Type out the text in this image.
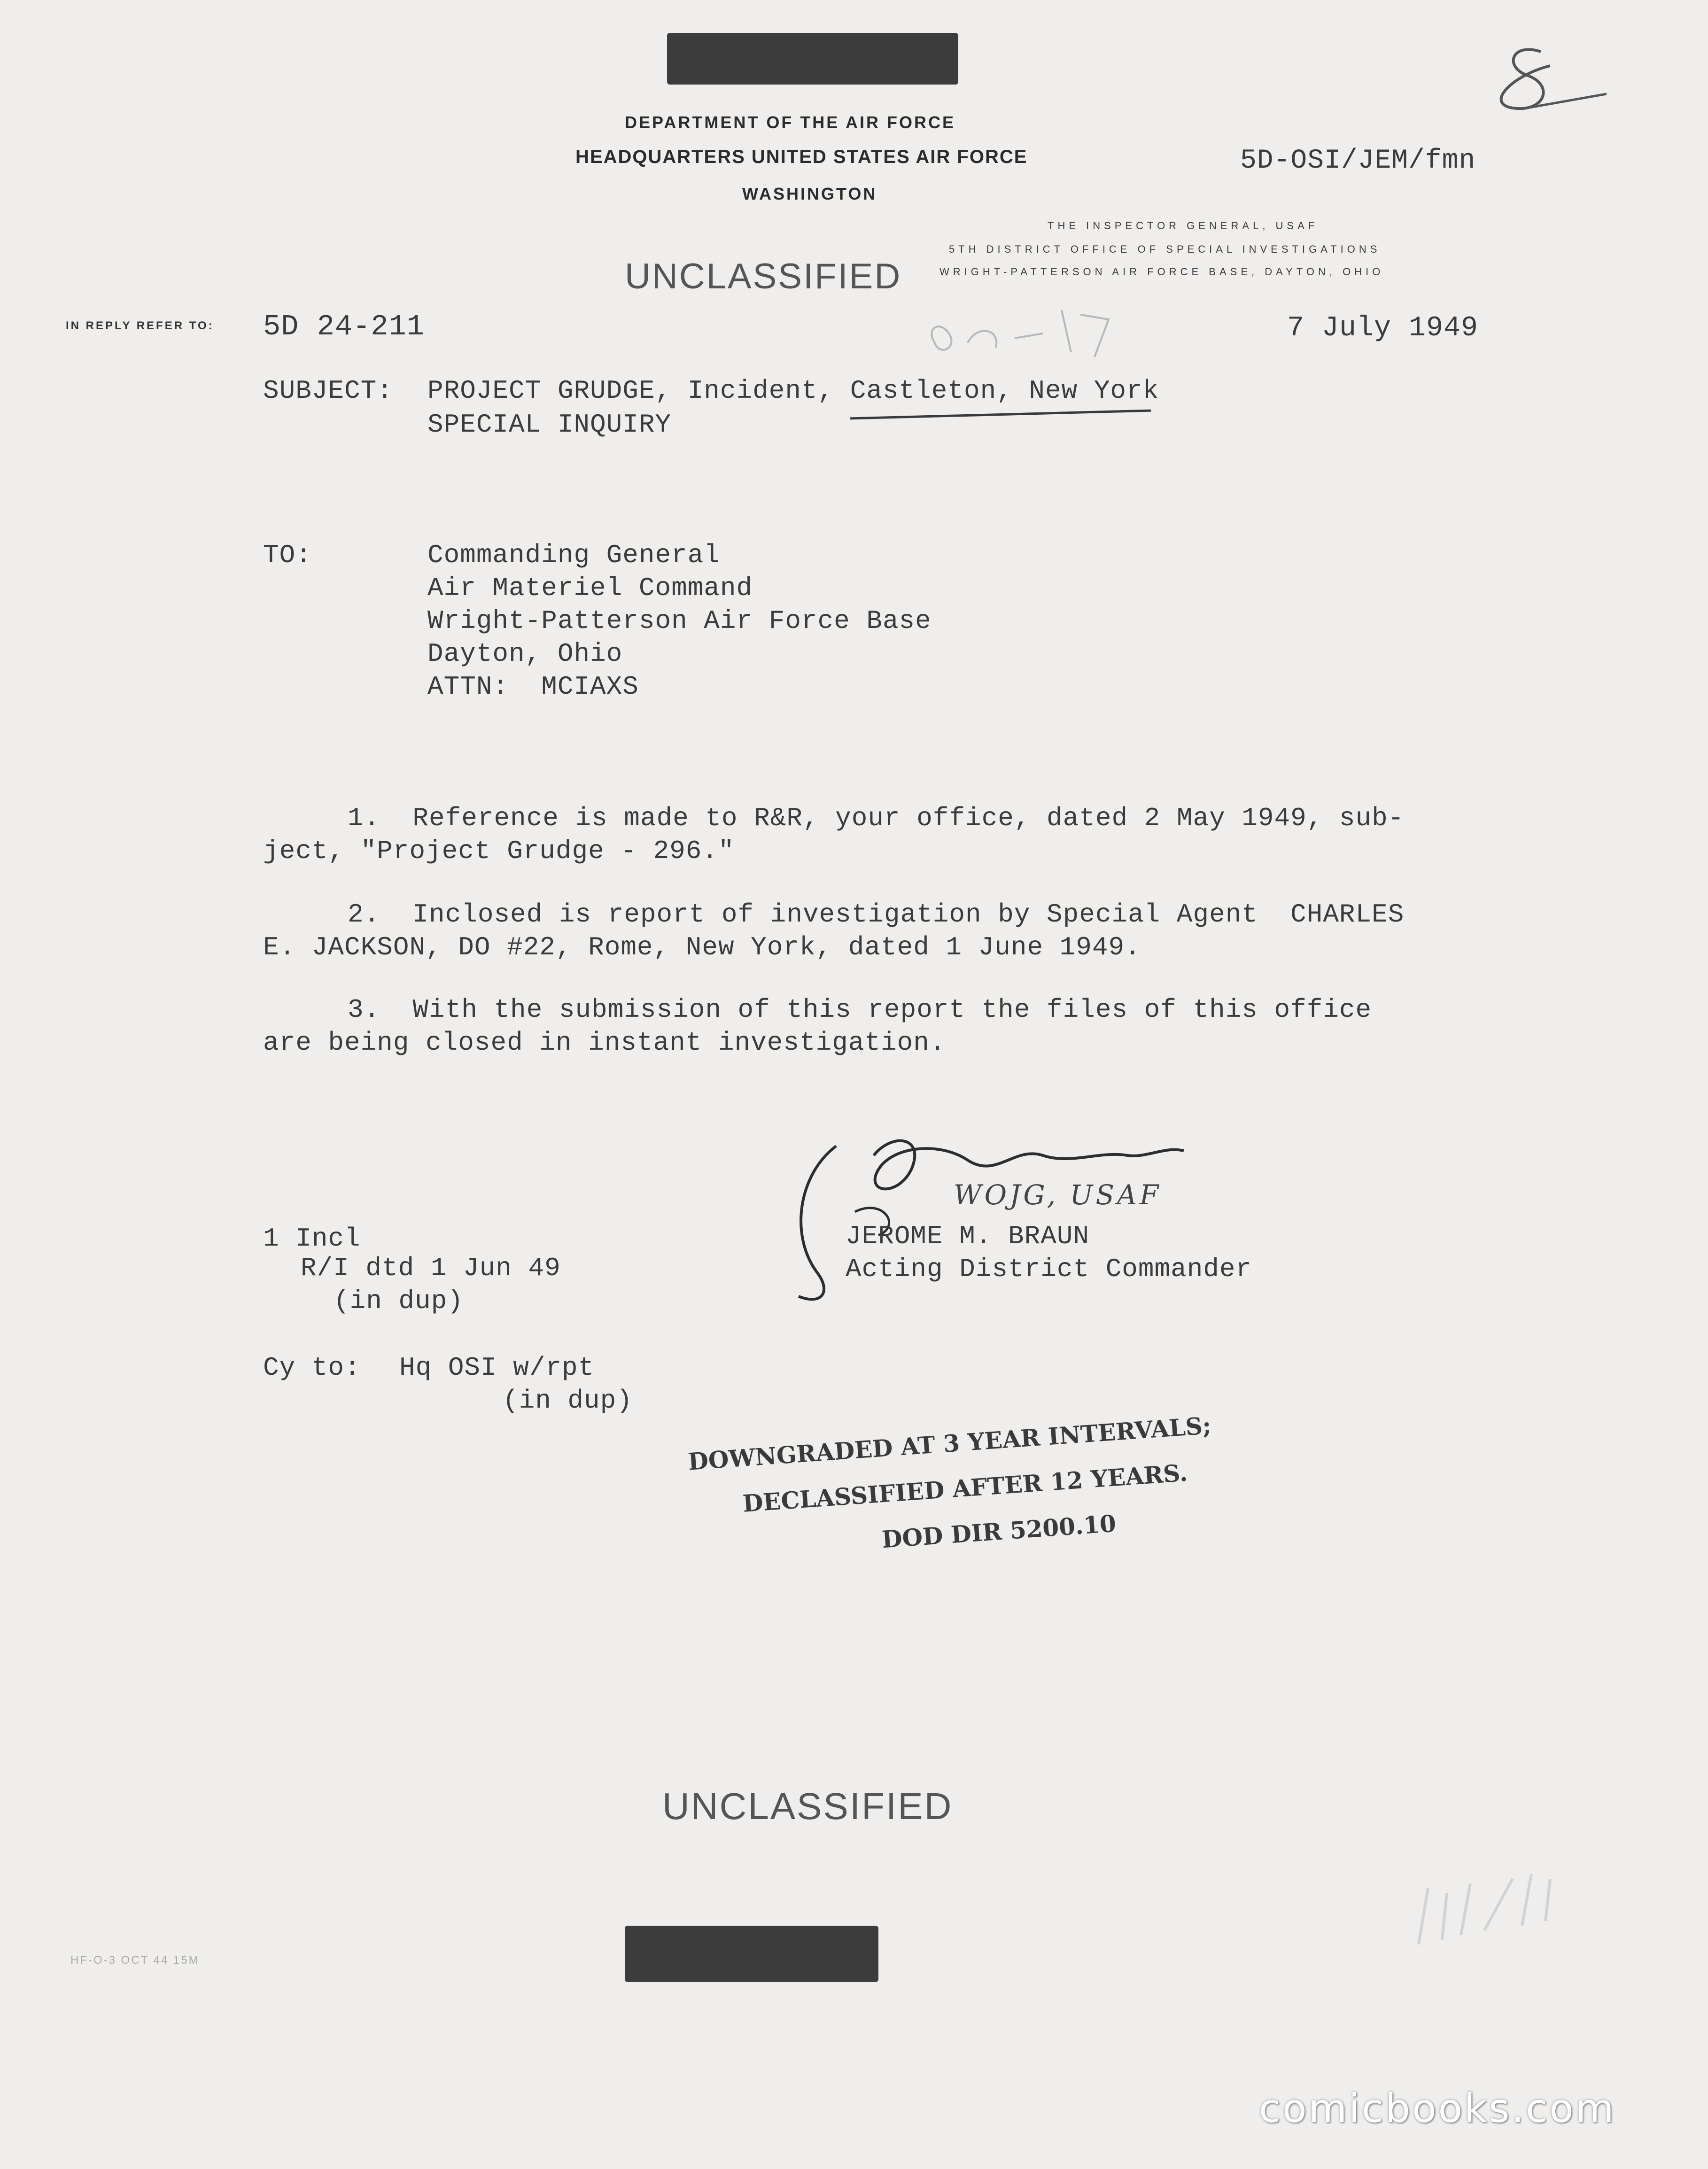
DEPARTMENT OF THE AIR FORCE
HEADQUARTERS UNITED STATES AIR FORCE
WASHINGTON
5D-OSI/JEM/fmn
THE INSPECTOR GENERAL, USAF
5TH DISTRICT OFFICE OF SPECIAL INVESTIGATIONS
WRIGHT-PATTERSON AIR FORCE BASE, DAYTON, OHIO
UNCLASSIFIED
IN REPLY REFER TO: 5D 24-211	7 July 1949
SUBJECT: PROJECT GRUDGE, Incident, Castleton, New York
SPECIAL INQUIRY
TO:	Commanding General
Air Materiel Command
Wright-Patterson Air Force Base
Dayton, Ohio
ATTN:  MCIAXS
1.  Reference is made to R&R, your office, dated 2 May 1949, sub-
ject, "Project Grudge - 296."
2.  Inclosed is report of investigation by Special Agent  CHARLES
E. JACKSON, DO #22, Rome, New York, dated 1 June 1949.
3.  With the submission of this report the files of this office
are being closed in instant investigation.
WOJG, USAF
JEROME M. BRAUN
Acting District Commander
1 Incl
R/I dtd 1 Jun 49
(in dup)
Cy to: Hq OSI w/rpt
(in dup)

DOWNGRADED AT 3 YEAR INTERVALS;

DECLASSIFIED AFTER 12 YEARS.

DOD DIR 5200.10

UNCLASSIFIED
HF-O-3 OCT 44 15M
comicbooks.com
